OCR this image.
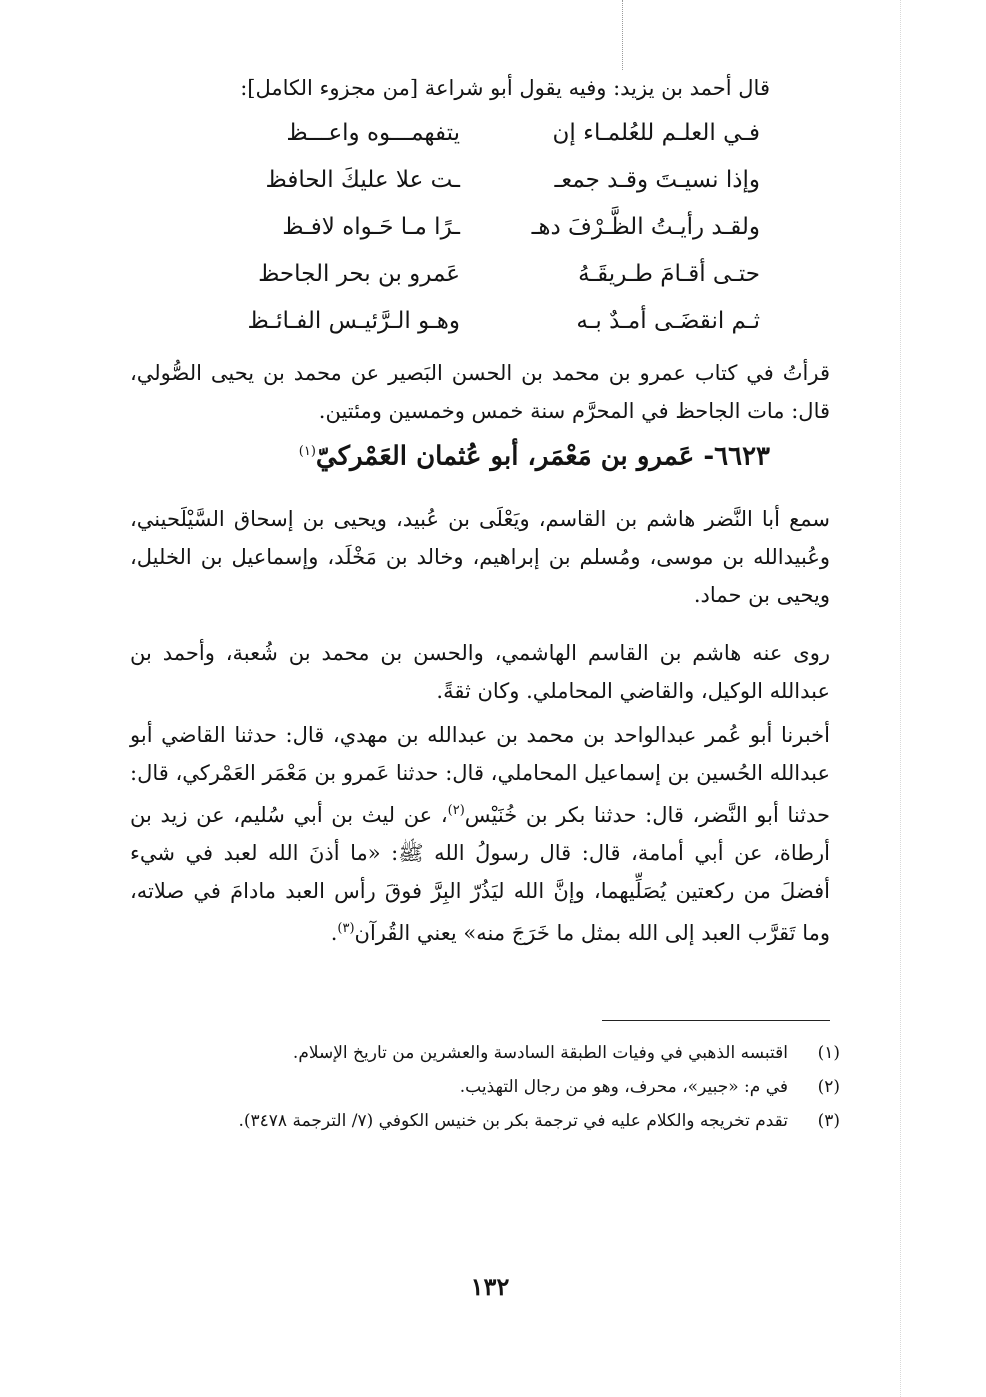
قال أحمد بن يزيد: وفيه يقول أبو شراعة [من مجزوء الكامل]:
فـي العلـم للعُلمـاء إن
يتفهمـــوه واعـــظ
وإذا نسيـتَ وقـد جمعـ
ـت علا عليكَ الحافظ
ولقـد رأيـتُ الظَّـرْفَ دهـ
ـرًا مـا حَـواه لافـظ
حتـى أقـامَ طـريقَـهُ
عَمرو بن بحر الجاحظ
ثـم انقضَـى أمـدٌ بـه
وهـو الـرَّئيـس الفـائـظ
قرأتُ في كتاب عمرو بن محمد بن الحسن البَصير عن محمد بن يحيى الصُّولي، قال: مات الجاحظ في المحرَّم سنة خمس وخمسين ومئتين.
٦٦٢٣- عَمرو بن مَعْمَر، أبو عُثمان العَمْركيّ$^{(١)}$
سمع أبا النَّضر هاشم بن القاسم، ويَعْلَى بن عُبيد، ويحيى بن إسحاق السَّيْلَحيني، وعُبيدالله بن موسى، ومُسلم بن إبراهيم، وخالد بن مَخْلَد، وإسماعيل بن الخليل، ويحيى بن حماد.
روى عنه هاشم بن القاسم الهاشمي، والحسن بن محمد بن شُعبة، وأحمد بن عبدالله الوكيل، والقاضي المحاملي. وكان ثقةً.
أخبرنا أبو عُمر عبدالواحد بن محمد بن عبدالله بن مهدي، قال: حدثنا القاضي أبو عبدالله الحُسين بن إسماعيل المحاملي، قال: حدثنا عَمرو بن مَعْمَر العَمْركي، قال: حدثنا أبو النَّضر، قال: حدثنا بكر بن خُنَيْس$^{(٢)}$، عن ليث بن أبي سُليم، عن زيد بن أرطاة، عن أبي أمامة، قال: قال رسولُ الله ﷺ: «ما أذنَ الله لعبد في شيء أفضلَ من ركعتين يُصَلِّيهما، وإنَّ الله ليَذُرّ البِرَّ فوقَ رأس العبد مادامَ في صلاته، وما تَقرَّب العبد إلى الله بمثل ما خَرَجَ منه» يعني القُرآن$^{(٣)}$.
(١)اقتبسه الذهبي في وفيات الطبقة السادسة والعشرين من تاريخ الإسلام.
(٢)في م: «جبير»، محرف، وهو من رجال التهذيب.
(٣)تقدم تخريجه والكلام عليه في ترجمة بكر بن خنيس الكوفي (٧/ الترجمة ٣٤٧٨).
١٣٢
